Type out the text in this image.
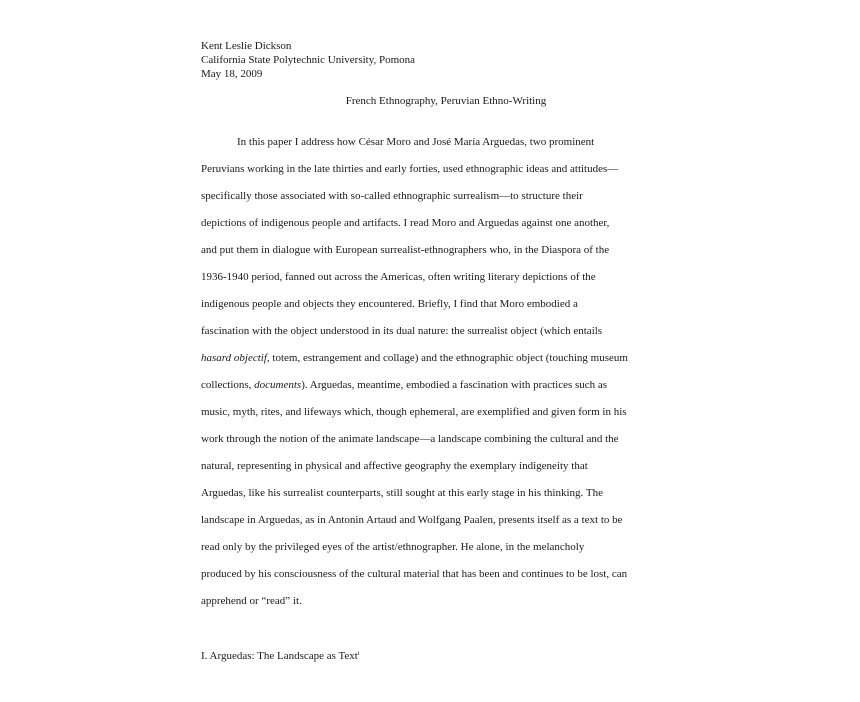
Kent Leslie Dickson

California State Polytechnic University, Pomona

May 18, 2009

French Ethnography, Peruvian Ethno-Writing

In this paper I address how César Moro and José María Arguedas, two prominent

Peruvians working in the late thirties and early forties, used ethnographic ideas and attitudes—

specifically those associated with so-called ethnographic surrealism—to structure their

depictions of indigenous people and artifacts. I read Moro and Arguedas against one another,

and put them in dialogue with European surrealist-ethnographers who, in the Diaspora of the

1936-1940 period, fanned out across the Americas, often writing literary depictions of the

indigenous people and objects they encountered. Briefly, I find that Moro embodied a

fascination with the object understood in its dual nature: the surrealist object (which entails

hasard objectif, totem, estrangement and collage) and the ethnographic object (touching museum

collections, documents). Arguedas, meantime, embodied a fascination with practices such as

music, myth, rites, and lifeways which, though ephemeral, are exemplified and given form in his

work through the notion of the animate landscape—a landscape combining the cultural and the

natural, representing in physical and affective geography the exemplary indigeneity that

Arguedas, like his surrealist counterparts, still sought at this early stage in his thinking. The

landscape in Arguedas, as in Antonin Artaud and Wolfgang Paalen, presents itself as a text to be

read only by the privileged eyes of the artist/ethnographer. He alone, in the melancholy

produced by his consciousness of the cultural material that has been and continues to be lost, can

apprehend or “read” it.

I. Arguedas: The Landscape as Text$^i$
